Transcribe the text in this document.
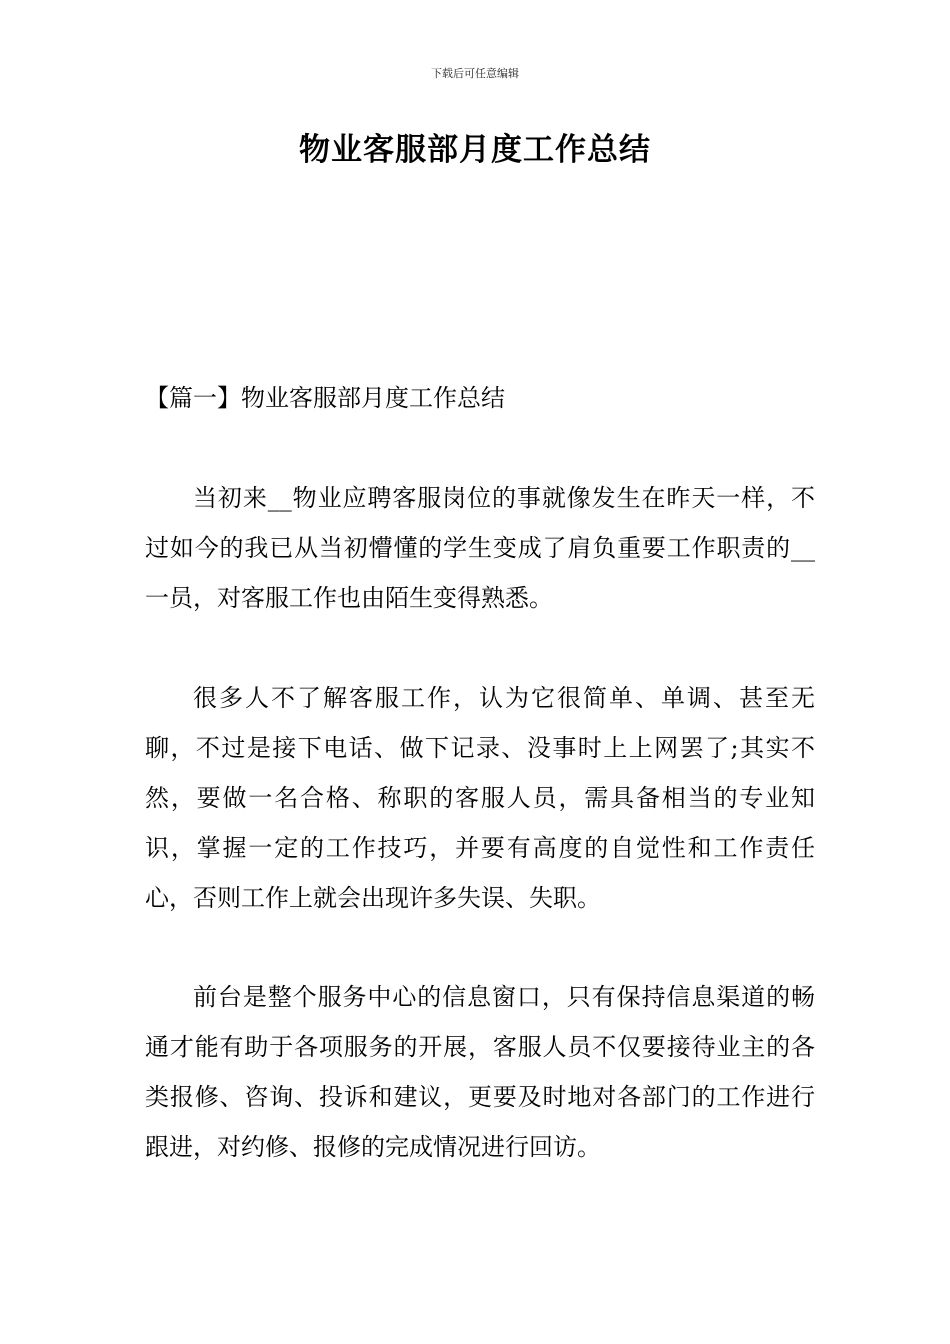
下载后可任意编辑
物业客服部月度工作总结
【篇一】物业客服部月度工作总结

当初来__物业应聘客服岗位的事就像发生在昨天一样，不过如今的我已从当初懵懂的学生变成了肩负重要工作职责的__一员，对客服工作也由陌生变得熟悉。

很多人不了解客服工作，认为它很简单、单调、甚至无聊，不过是接下电话、做下记录、没事时上上网罢了;其实不然，要做一名合格、称职的客服人员，需具备相当的专业知识，掌握一定的工作技巧，并要有高度的自觉性和工作责任心，否则工作上就会出现许多失误、失职。

前台是整个服务中心的信息窗口，只有保持信息渠道的畅通才能有助于各项服务的开展，客服人员不仅要接待业主的各类报修、咨询、投诉和建议，更要及时地对各部门的工作进行跟进，对约修、报修的完成情况进行回访。
